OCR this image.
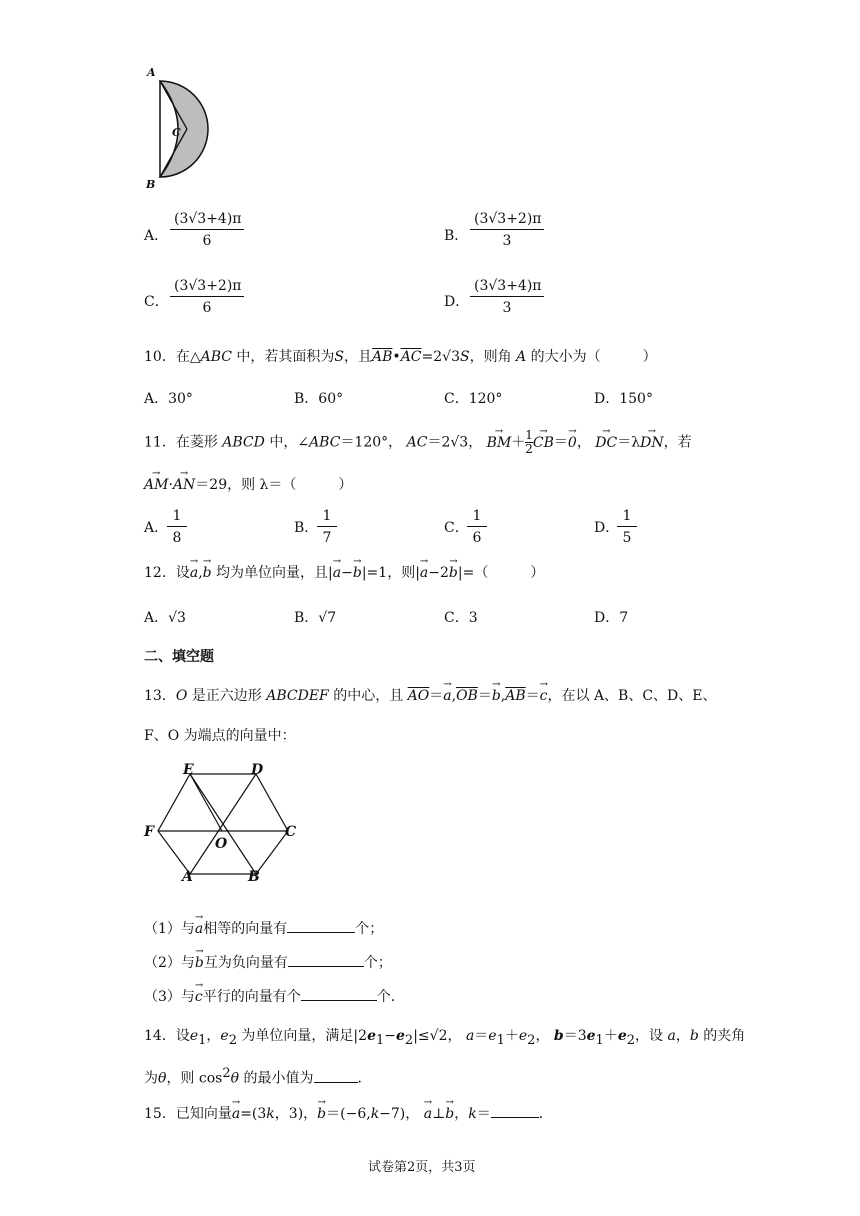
A
C
B
A． $\frac{(3√3+4)\pi}{6}$	B． $\frac{(3√3+2)\pi}{3}$
C． $\frac{(3√3+2)\pi}{6}$	D． $\frac{(3√3+4)\pi}{3}$
10．在△ABC 中，若其面积为S，且$\overline{AB}•\overline{AC}=2√3S$，则角 A 的大小为（　　　）
A．30°	B．60°	C．120°	D．150°
11．在菱形 ABCD 中，∠ABC＝120°， AC＝2√3， → $BM+ \frac{1}{2} \to CB=\to 0$， → DC＝λ→ DN，若
→ AM·→ AN＝29，则 λ＝（　　　）
A．
$\frac{1}{8}$	B．
$\frac{1}{7}$	C．
$\frac{1}{6}$	D．
$\frac{1}{5}$
12．设→ a,→ b 均为单位向量，且|→ a−→ b|=1，则|→ a−2→ b|=（　　　）
A．√3	B．√7	C．3	D．7
二、填空题
13．O 是正六边形 ABCDEF 的中心，且 $\overline{AO}=\to a,\overline{OB}=\to b,\overline{AB}=\to c$，在以 A、B、C、D、E、
F、O 为端点的向量中：
E	D
F	C
O
A	B
（1）与→ a相等的向量有	个；
（2）与→ b互为负向量有	个；
（3）与→ c平行的向量有个	个．
14．设$e_1$，$e_2$ 为单位向量，满足$|2e_1-e_2|\le√2$， $a=e_1+e_2$， $b=3e_1+e_2$，设 a，b 的夹角
为θ，则 $\cos^2\theta$ 的最小值为	．
15．已知向量→ a=(3k，3)，→ b＝(−6,k−7)， → a⊥→ b，k＝	．
试卷第2页，共3页
